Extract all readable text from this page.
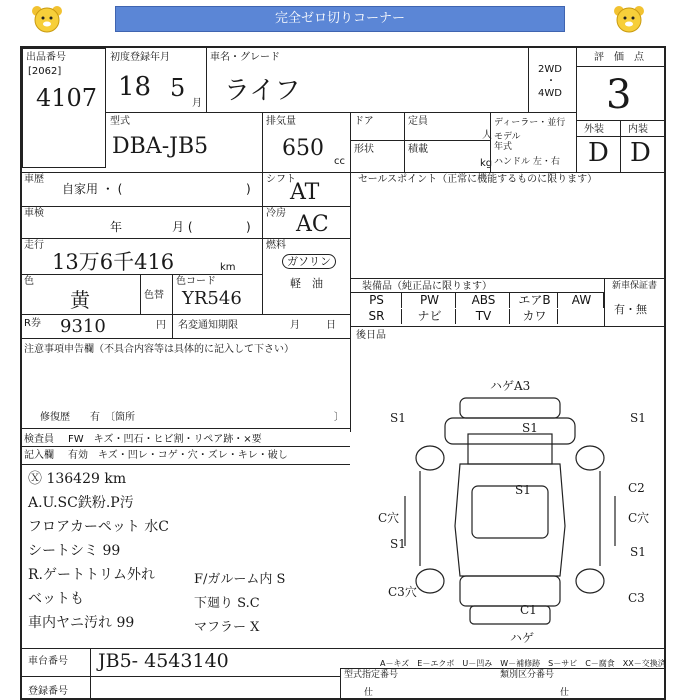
完全ゼロ切りコーナー
出品番号
[2062]
4107
初度登録年月
18 5
月
車名・グレード
ライフ
2WD
・
4WD
評　価　点
3
型式
DBA-JB5
排気量
650
cc
ドア
形状
定員
積載
人
kg
ディーラー・並行
モデル
年式
ハンドル 左・右
外装 内装
D D
車歴
自家用 ・ (	)
車検
年	月 (	)
走行
13万6千416	km
色
黄	色替
色コード
YR546
シフト
AT
冷房 AC
燃料
ガソリン
軽　油
R券 9310	円 名変通知期限	月	日
セールスポイント（正常に機能するものに限ります）
装備品（純正品に限ります）
PS	PW	ABS	エアB	AW
SR	ナビ	TV	カワ
新車保証書
有・無
後日品
注意事項申告欄（不具合内容等は具体的に記入して下さい）
修復歴　　有　〔箇所	〕
検査員 FW　キズ・凹石・ヒビ割・リペア跡・×要
記入欄 有効　キズ・凹レ・コゲ・穴・ズレ・キレ・破し
Ⓧ 136429 km
A.U.SC鉄粉.P汚
フロアカーペット 水C
シートシミ 99
R.ゲートトリム外れ
ベットも
車内ヤニ汚れ 99
F/ガルーム内 S
下廻り S.C
マフラー X
ハゲA3
S1
S1	S1
S1	C2
C穴
C穴
S1
S1
C3穴	C3
C1
ハゲ
A－キズ　E－エクボ　U－凹み　W－補修跡　S－サビ　C－腐食　XX－交換済
車台番号 JB5- 4543140
登録番号
型式指定番号	類別区分番号
仕	仕
